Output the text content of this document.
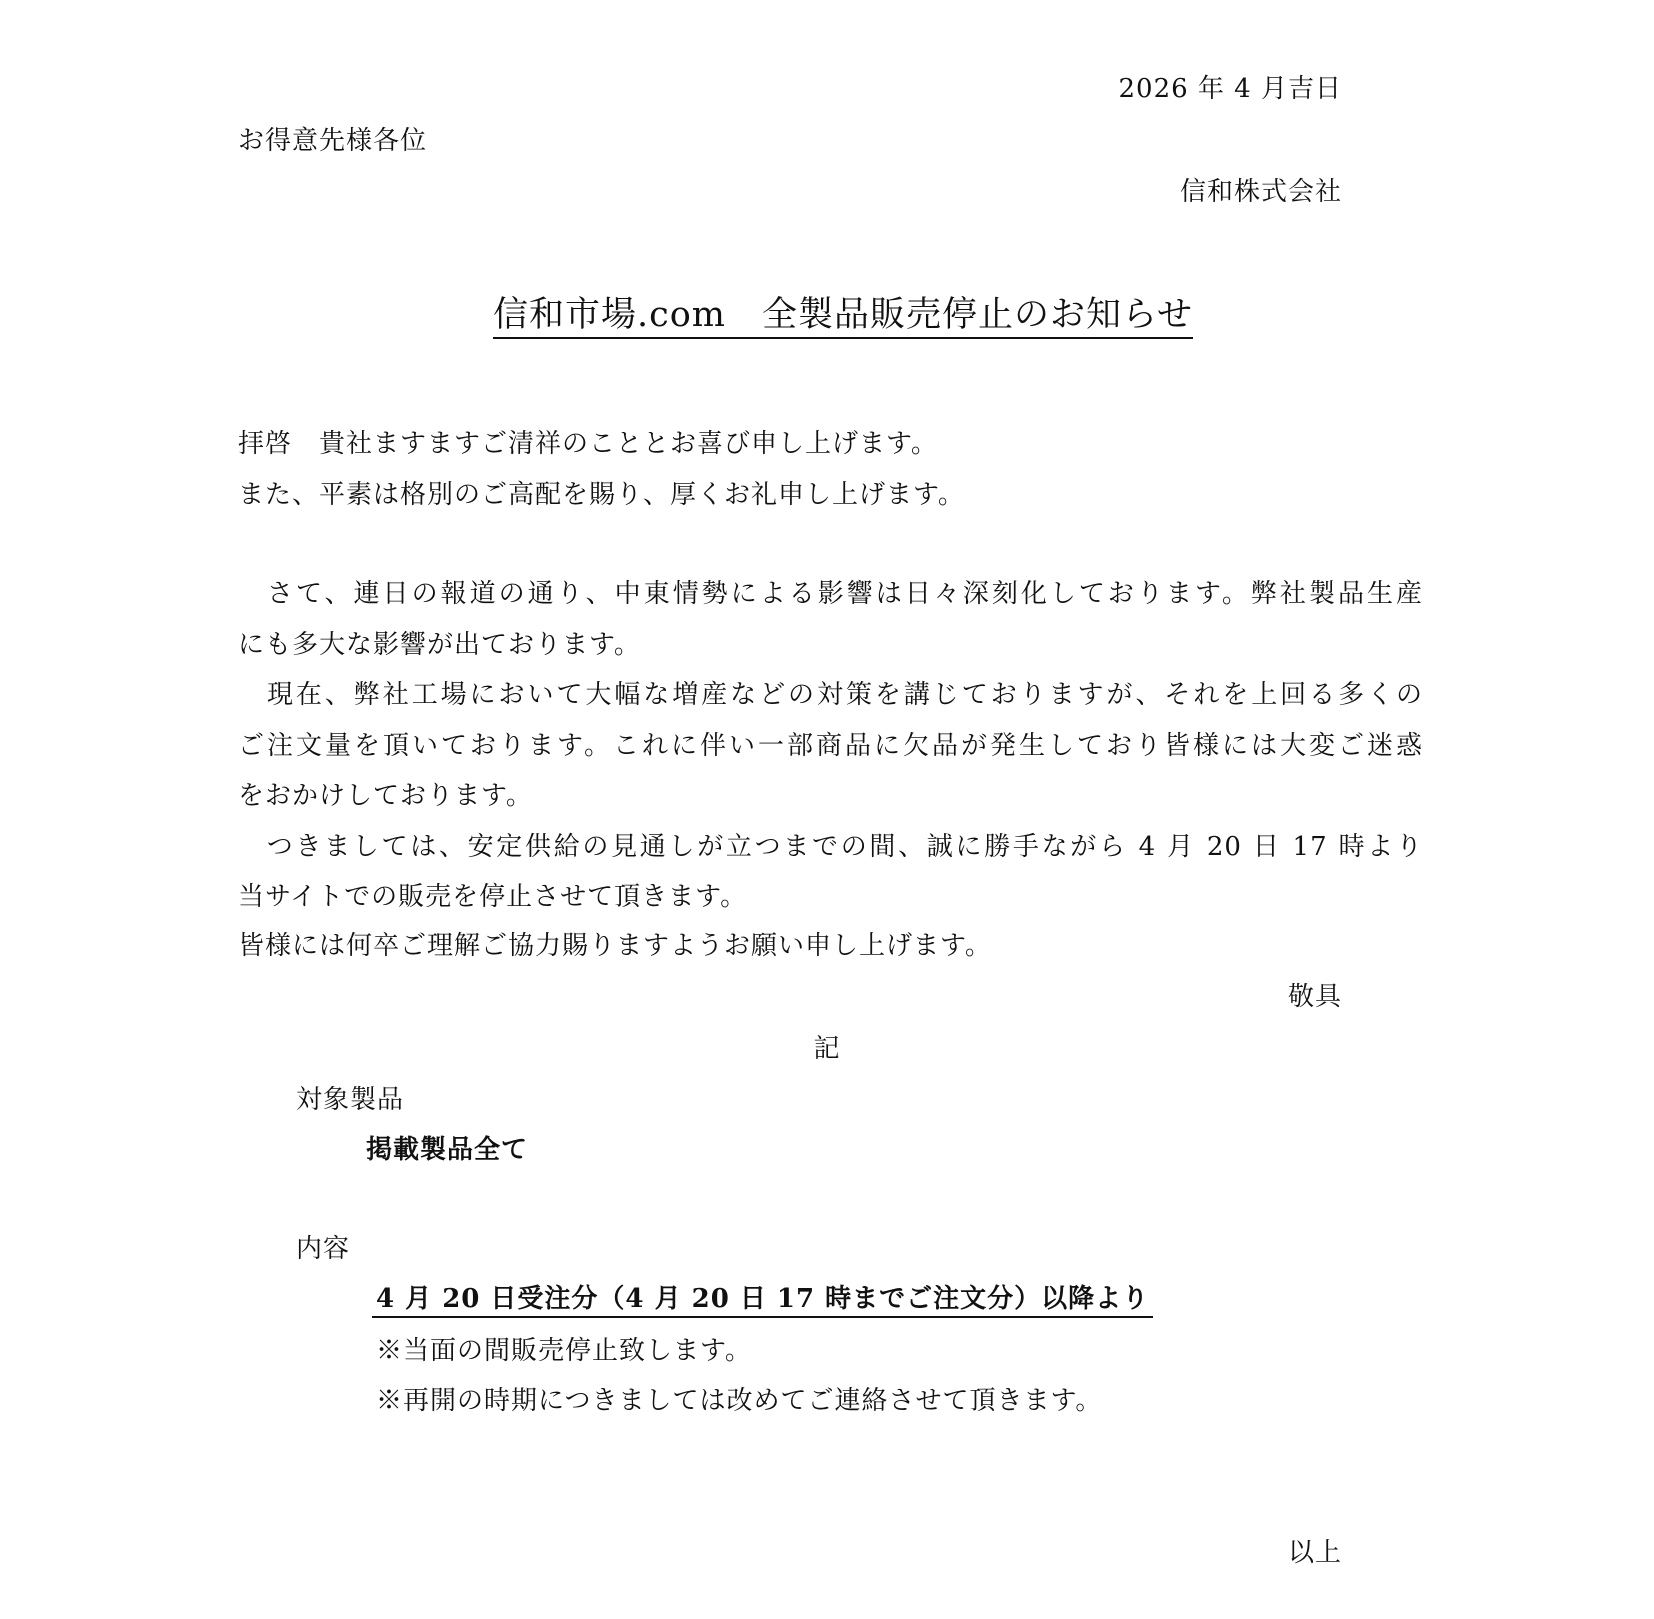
2026 年 4 月吉日
お得意先様各位
信和株式会社
信和市場.com　全製品販売停止のお知らせ
拝啓　貴社ますますご清祥のこととお喜び申し上げます。
また、平素は格別のご高配を賜り、厚くお礼申し上げます。
　さて、連日の報道の通り、中東情勢による影響は日々深刻化しております。弊社製品生産
にも多大な影響が出ております。
　現在、弊社工場において大幅な増産などの対策を講じておりますが、それを上回る多くの
ご注文量を頂いております。これに伴い一部商品に欠品が発生しており皆様には大変ご迷惑
をおかけしております。
　つきましては、安定供給の見通しが立つまでの間、誠に勝手ながら 4 月 20 日 17 時より
当サイトでの販売を停止させて頂きます。
皆様には何卒ご理解ご協力賜りますようお願い申し上げます。
敬具
記
対象製品
掲載製品全て
内容
4 月 20 日受注分（4 月 20 日 17 時までご注文分）以降より
※当面の間販売停止致します。
※再開の時期につきましては改めてご連絡させて頂きます。
以上
